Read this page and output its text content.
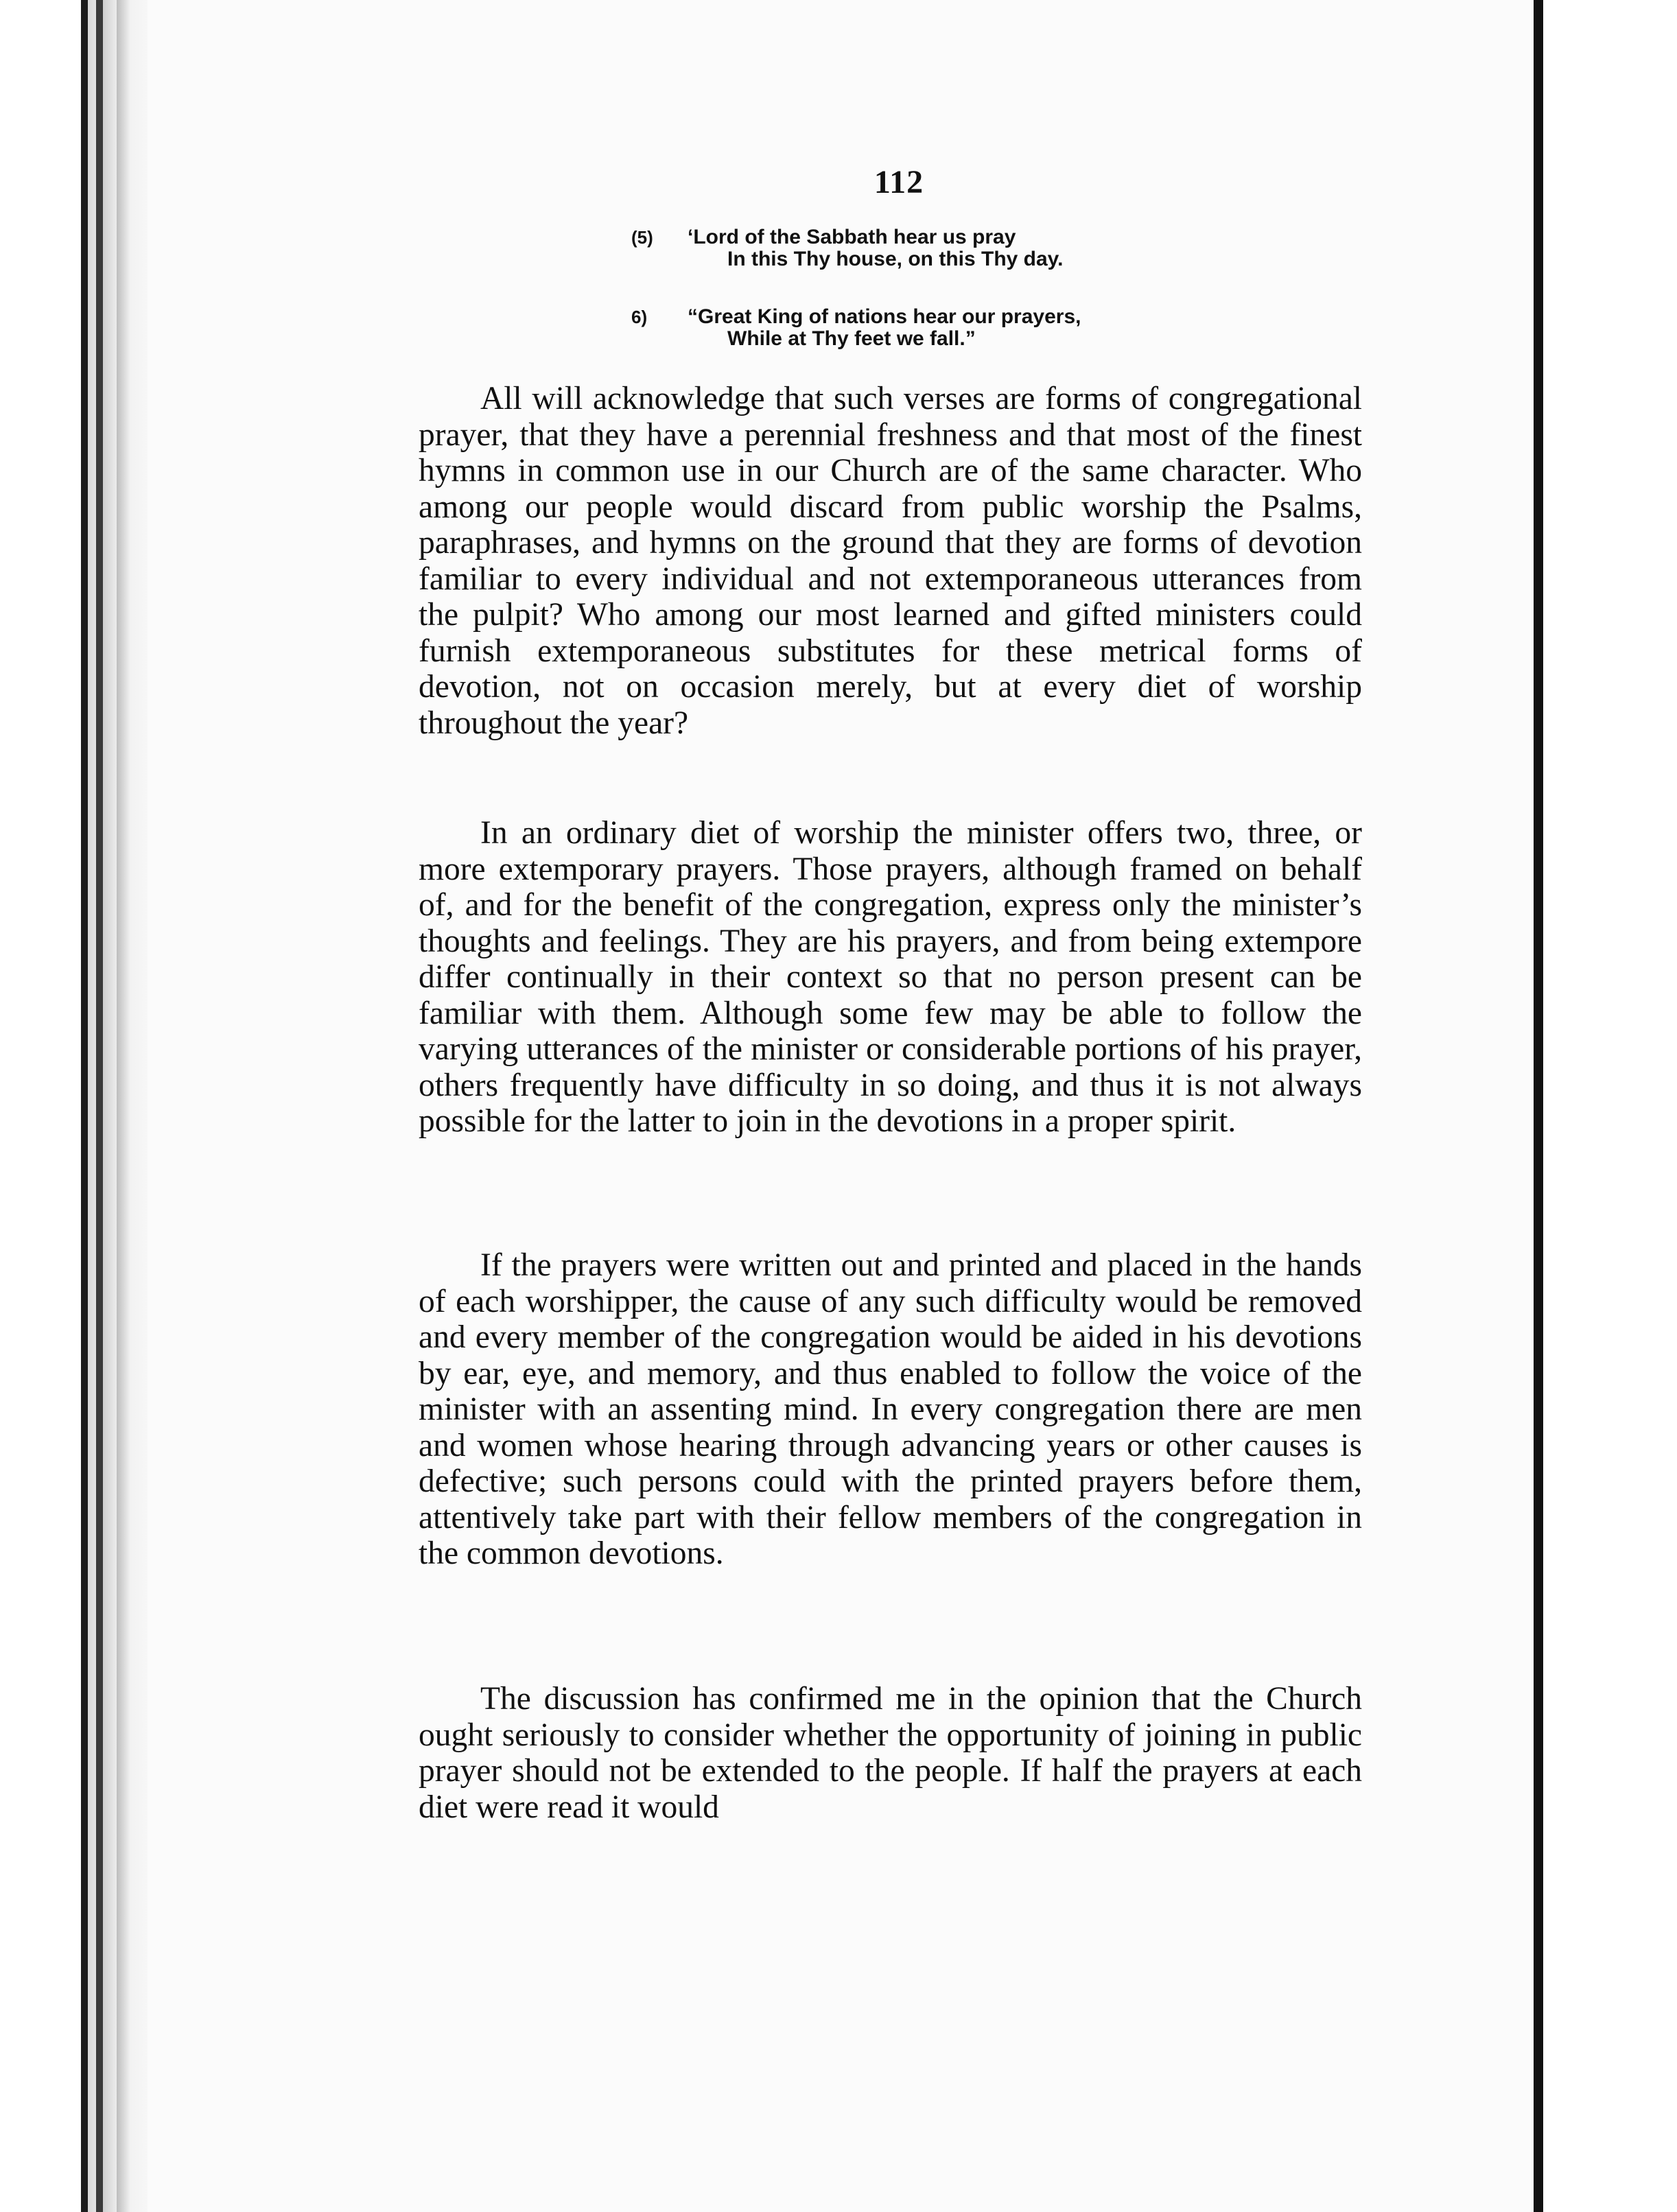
112
(5) ‘Lord of the Sabbath hear us pray
In this Thy house, on this Thy day.
6) “Great King of nations hear our prayers,
While at Thy feet we fall.”

All will acknowledge that such verses are forms of congregational prayer, that they have a perennial freshness and that most of the finest hymns in common use in our Church are of the same character. Who among our people would discard from public worship the Psalms, paraphrases, and hymns on the ground that they are forms of devotion familiar to every individual and not extemporaneous utterances from the pulpit? Who among our most learned and gifted ministers could furnish extemporaneous substitutes for these metrical forms of devotion, not on occasion merely, but at every diet of worship throughout the year?

In an ordinary diet of worship the minister offers two, three, or more extemporary prayers. Those prayers, although framed on behalf of, and for the benefit of the congregation, express only the minister’s thoughts and feelings. They are his prayers, and from being extempore differ continually in their context so that no person present can be familiar with them. Although some few may be able to follow the varying utterances of the minister or considerable portions of his prayer, others frequently have difficulty in so doing, and thus it is not always possible for the latter to join in the devotions in a proper spirit.

If the prayers were written out and printed and placed in the hands of each worshipper, the cause of any such difficulty would be removed and every member of the congregation would be aided in his devotions by ear, eye, and memory, and thus enabled to follow the voice of the minister with an assenting mind. In every congregation there are men and women whose hearing through advancing years or other causes is defective; such persons could with the printed prayers before them, attentively take part with their fellow members of the congregation in the common devotions.

The discussion has confirmed me in the opinion that the Church ought seriously to consider whether the opportunity of joining in public prayer should not be extended to the people. If half the prayers at each diet were read it would
